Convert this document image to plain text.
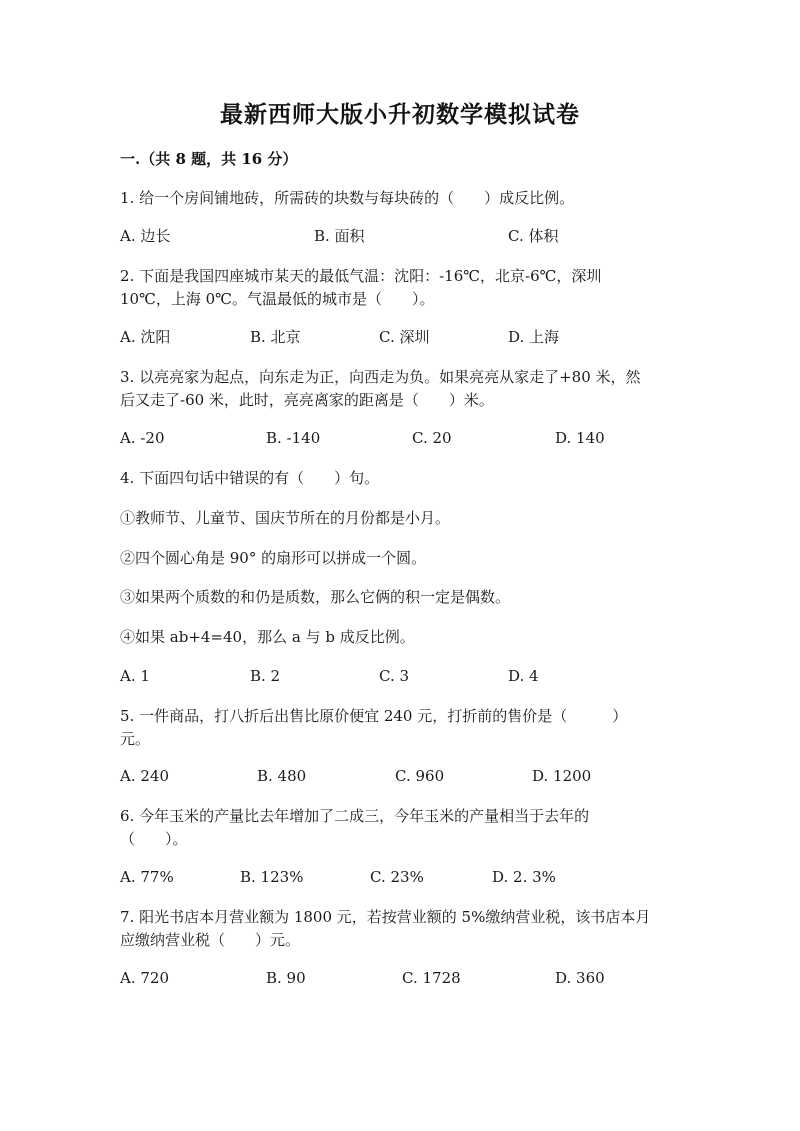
最新西师大版小升初数学模拟试卷
一.（共 8 题，共 16 分）
1. 给一个房间铺地砖，所需砖的块数与每块砖的（　　）成反比例。
A. 边长	B. 面积	C. 体积
2. 下面是我国四座城市某天的最低气温：沈阳：-16℃，北京-6℃，深圳
10℃，上海 0℃。气温最低的城市是（　　）。
A. 沈阳	B. 北京	C. 深圳	D. 上海
3. 以亮亮家为起点，向东走为正，向西走为负。如果亮亮从家走了+80 米，然
后又走了-60 米，此时，亮亮离家的距离是（　　）米。
A. -20	B. -140	C. 20	D. 140
4. 下面四句话中错误的有（　　）句。
①教师节、儿童节、国庆节所在的月份都是小月。
②四个圆心角是 90° 的扇形可以拼成一个圆。
③如果两个质数的和仍是质数，那么它俩的积一定是偶数。
④如果 ab+4=40，那么 a 与 b 成反比例。
A. 1	B. 2	C. 3	D. 4
5. 一件商品，打八折后出售比原价便宜 240 元，打折前的售价是（　　　）
元。
A. 240	B. 480	C. 960	D. 1200
6. 今年玉米的产量比去年增加了二成三，今年玉米的产量相当于去年的
（　　）。
A. 77%	B. 123%	C. 23%	D. 2. 3%
7. 阳光书店本月营业额为 1800 元，若按营业额的 5%缴纳营业税，该书店本月
应缴纳营业税（　　）元。
A. 720	B. 90	C. 1728	D. 360
